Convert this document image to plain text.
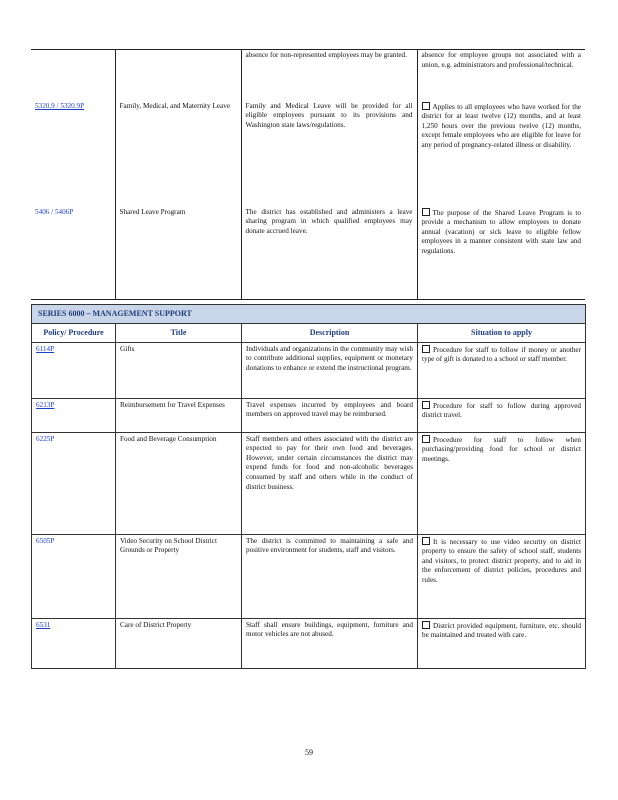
		absence for non-represented employees may be granted.	absence for employee groups not associated with a union, e.g. administrators and professional/technical.
5320.9 / 5320.9P	Family, Medical, and Maternity Leave	Family and Medical Leave will be provided for all eligible employees pursuant to its provisions and Washington state laws/regulations.	Applies to all employees who have worked for the district for at least twelve (12) months, and at least 1,250 hours over the previous twelve (12) months, except female employees who are eligible for leave for any period of pregnancy-related illness or disability.
5406 / 5406P	Shared Leave Program	The district has established and administers a leave sharing program in which qualified employees may donate accrued leave.	The purpose of the Shared Leave Program is to provide a mechanism to allow employees to donate annual (vacation) or sick leave to eligible fellow employees in a manner consistent with state law and regulations.
SERIES 6000 – MANAGEMENT SUPPORT			
Policy/ Procedure	Title	Description	Situation to apply
6114P	Gifts	Individuals and organizations in the community may wish to contribute additional supplies, equipment or monetary donations to enhance or extend the instructional program.	Procedure for staff to follow if money or another type of gift is donated to a school or staff member.
6213P	Reimbursement for Travel Expenses	Travel expenses incurred by employees and board members on approved travel may be reimbursed.	Procedure for staff to follow during approved district travel.
6225P	Food and Beverage Consumption	Staff members and others associated with the district are expected to pay for their own food and beverages. However, under certain circumstances the district may expend funds for food and non-alcoholic beverages consumed by staff and others while in the conduct of district business.	Procedure for staff to follow when purchasing/providing food for school or district meetings.
6505P	Video Security on School District Grounds or Property	The district is committed to maintaining a safe and positive environment for students, staff and visitors.	It is necessary to use video security on district property to ensure the safety of school staff, students and visitors, to protect district property, and to aid in the enforcement of district policies, procedures and rules.
6531	Care of District Property	Staff shall ensure buildings, equipment, furniture and motor vehicles are not abused.	District provided equipment, furniture, etc. should be maintained and treated with care.
59
